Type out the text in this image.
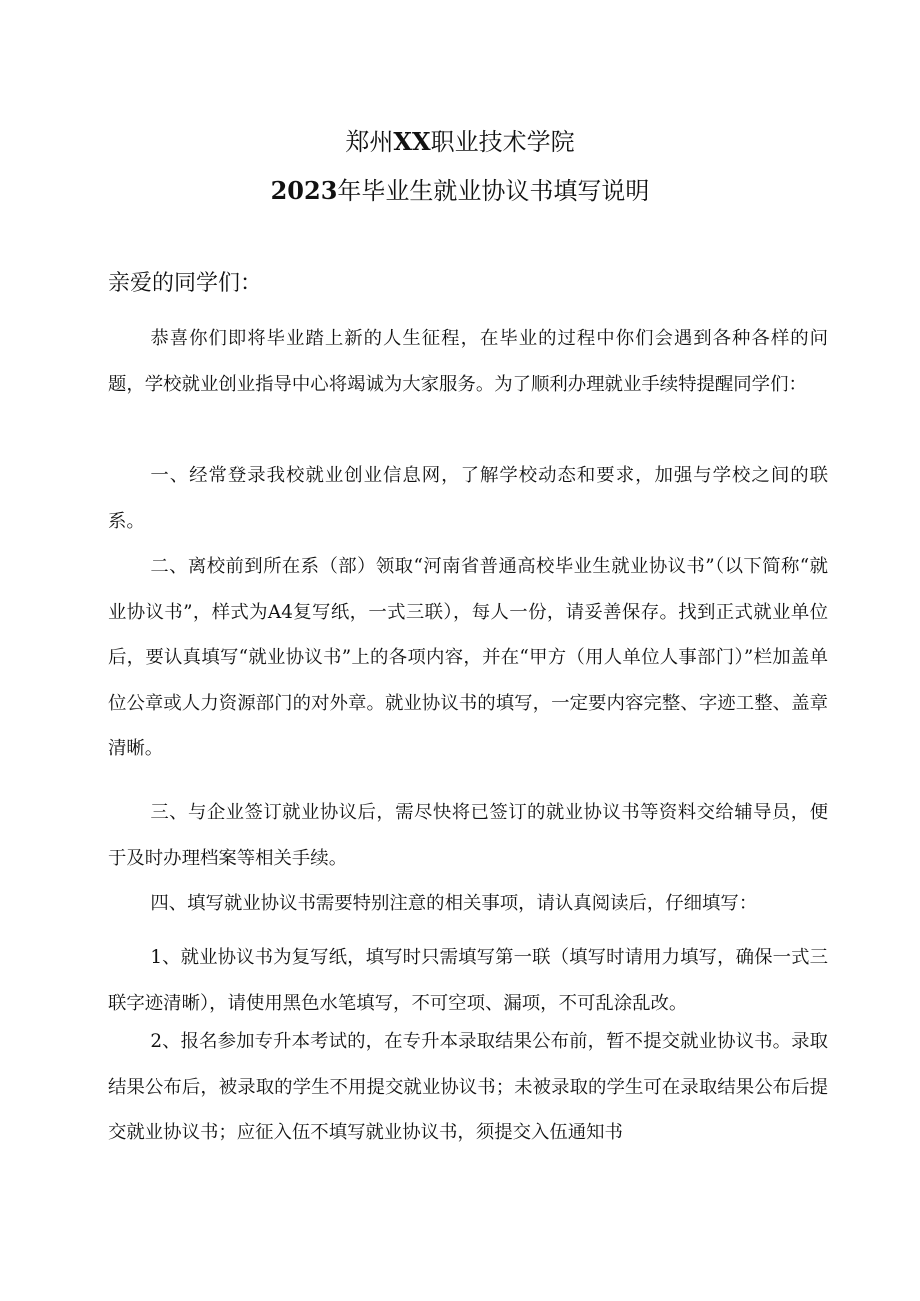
郑州XX职业技术学院
2023年毕业生就业协议书填写说明
亲爱的同学们：

恭喜你们即将毕业踏上新的人生征程，在毕业的过程中你们会遇到各种各样的问题，学校就业创业指导中心将竭诚为大家服务。为了顺利办理就业手续特提醒同学们：

一、经常登录我校就业创业信息网，了解学校动态和要求，加强与学校之间的联系。

二、离校前到所在系（部）领取“河南省普通高校毕业生就业协议书”（以下简称“就业协议书”，样式为A4复写纸，一式三联），每人一份，请妥善保存。找到正式就业单位后，要认真填写“就业协议书”上的各项内容，并在“甲方（用人单位人事部门）”栏加盖单位公章或人力资源部门的对外章。就业协议书的填写，一定要内容完整、字迹工整、盖章清晰。

三、与企业签订就业协议后，需尽快将已签订的就业协议书等资料交给辅导员，便于及时办理档案等相关手续。

四、填写就业协议书需要特别注意的相关事项，请认真阅读后，仔细填写：

1、就业协议书为复写纸，填写时只需填写第一联（填写时请用力填写，确保一式三联字迹清晰），请使用黑色水笔填写，不可空项、漏项，不可乱涂乱改。

2、报名参加专升本考试的，在专升本录取结果公布前，暂不提交就业协议书。录取结果公布后，被录取的学生不用提交就业协议书；未被录取的学生可在录取结果公布后提交就业协议书；应征入伍不填写就业协议书，须提交入伍通知书
